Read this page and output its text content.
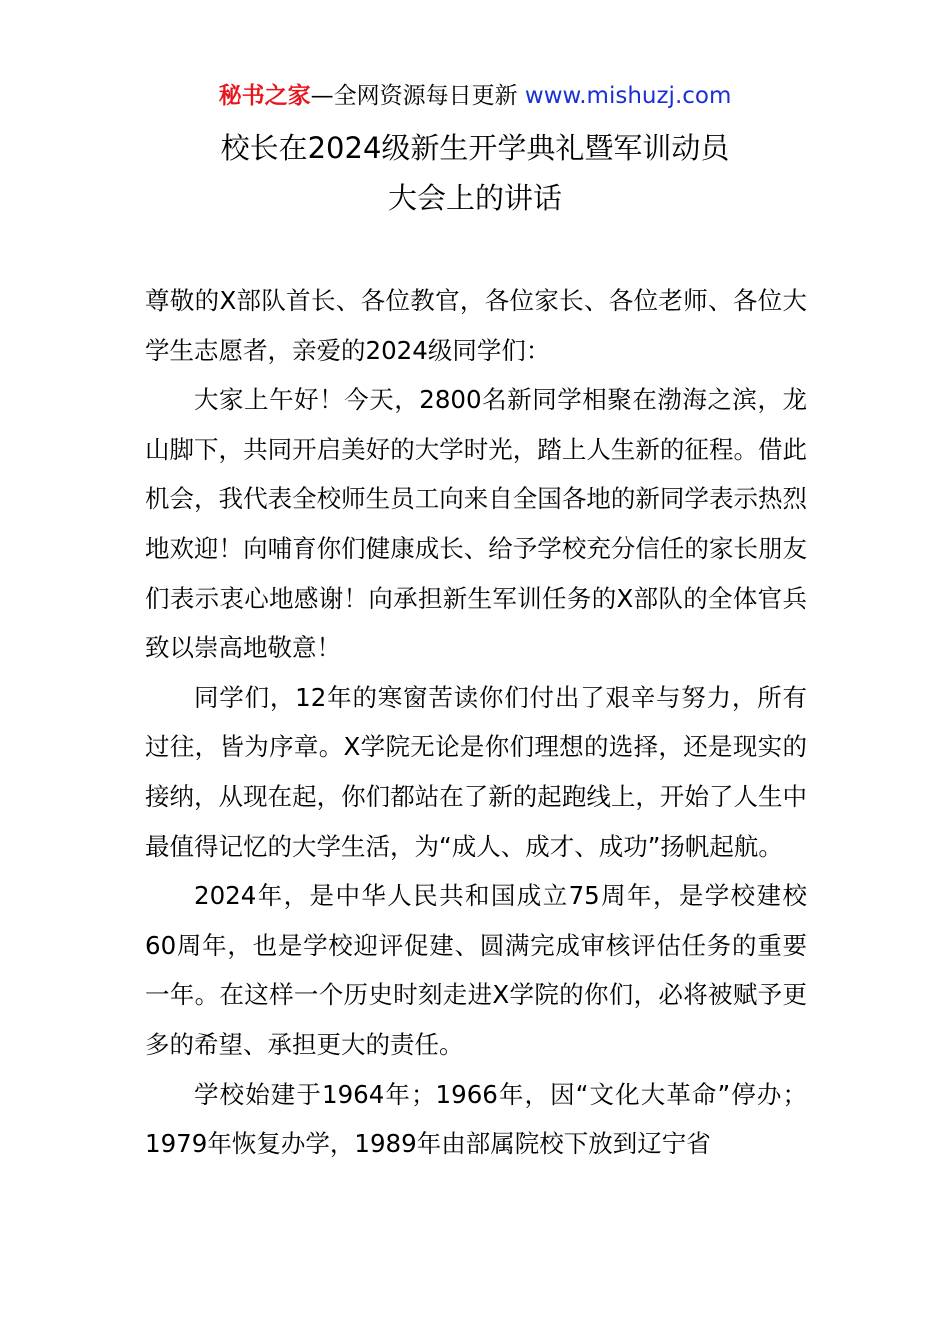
秘书之家—全网资源每日更新 www.mishuzj.com
校长在2024级新生开学典礼暨军训动员
大会上的讲话

尊敬的X部队首长、各位教官，各位家长、各位老师、各位大学生志愿者，亲爱的2024级同学们：

大家上午好！今天，2800名新同学相聚在渤海之滨，龙山脚下，共同开启美好的大学时光，踏上人生新的征程。借此机会，我代表全校师生员工向来自全国各地的新同学表示热烈地欢迎！向哺育你们健康成长、给予学校充分信任的家长朋友们表示衷心地感谢！向承担新生军训任务的X部队的全体官兵致以崇高地敬意！

同学们，12年的寒窗苦读你们付出了艰辛与努力，所有过往，皆为序章。X学院无论是你们理想的选择，还是现实的接纳，从现在起，你们都站在了新的起跑线上，开始了人生中最值得记忆的大学生活，为“成人、成才、成功”扬帆起航。

2024年，是中华人民共和国成立75周年，是学校建校60周年，也是学校迎评促建、圆满完成审核评估任务的重要一年。在这样一个历史时刻走进X学院的你们，必将被赋予更多的希望、承担更大的责任。

学校始建于1964年；1966年，因“文化大革命”停办；1979年恢复办学，1989年由部属院校下放到辽宁省
